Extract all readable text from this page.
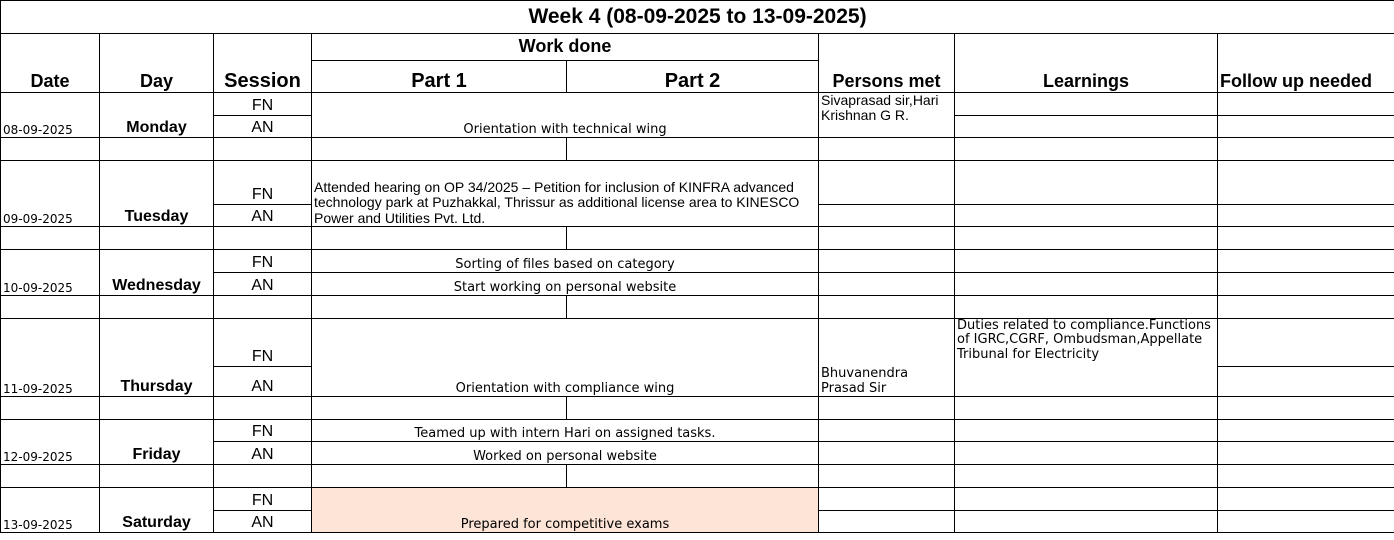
Week 4 (08-09-2025 to 13-09-2025)							
Date	Day	Session	Work done		Persons met	Learnings	Follow up needed
			Part 1	Part 2			
08-09-2025	Monday	FN	Orientation with technical wing		Sivaprasad sir,Hari Krishnan G R.		
		AN					

09-09-2025	Tuesday	FN	Attended hearing on OP 34/2025 – Petition for inclusion of KINFRA advanced technology park at Puzhakkal, Thrissur as additional license area to KINESCO Power and Utilities Pvt. Ltd.				
		AN					

10-09-2025	Wednesday	FN	Sorting of files based on category				
		AN	Start working on personal website				

11-09-2025	Thursday	FN	Orientation with compliance wing		Bhuvanendra Prasad Sir	Duties related to compliance.Functions of IGRC,CGRF, Ombudsman,Appellate Tribunal for Electricity	
		AN					

12-09-2025	Friday	FN	Teamed up with intern Hari on assigned tasks.				
		AN	Worked on personal website				

13-09-2025	Saturday	FN	Prepared for competitive exams				
		AN					
